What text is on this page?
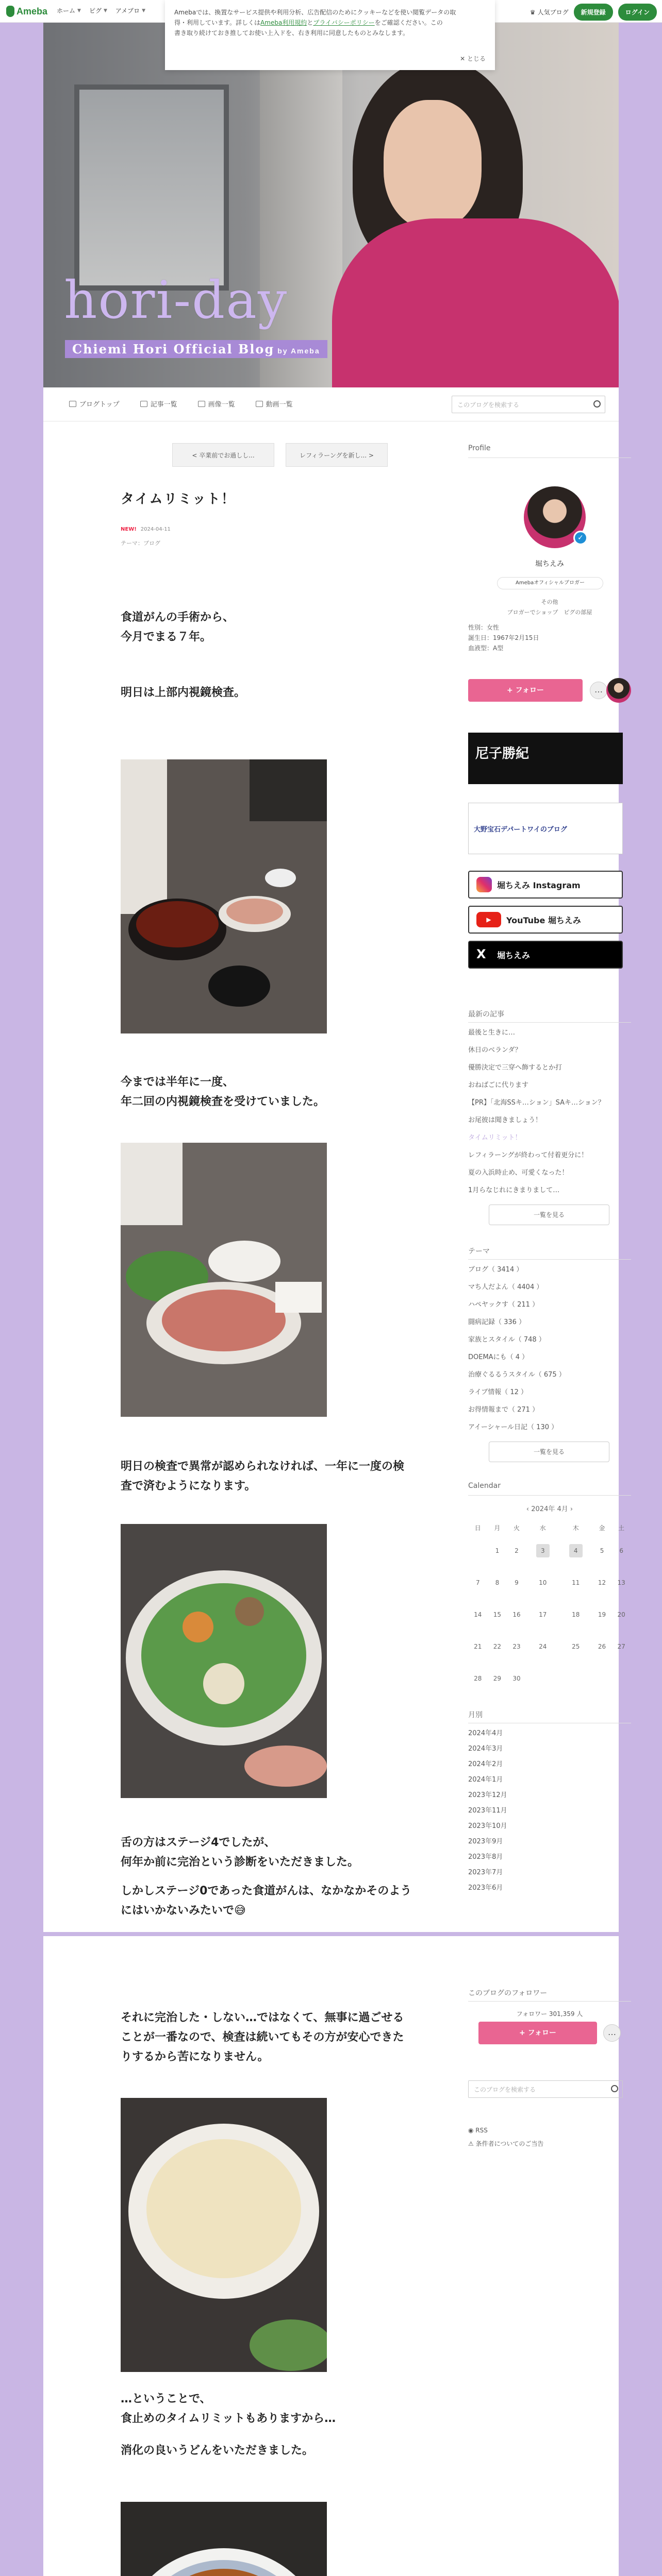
Ameba ホーム ▼ ピグ ▼ アメブロ ▼	♛ 人気ブログ	新規登録	ログイン
Amebaでは、換置なサービス提供や利用分析、広告配信のためにクッキーなどを使い閲覧データの取
得・利用しています。詳しくはAmeba利用規約とプライバシーポリシーをご確認ください。この
書き取り続けておき推してお使い上入ドを、右き利用に同意したものとみなします。
✕ とじる
hori-day
Chiemi Hori Official Blog by Ameba
ブログトップ	記事一覧	画像一覧	動画一覧	このブログを検索する
< 卒業前でお過しし...	レフィラーングを新し... >
タイムリミット！
NEW! 2024-04-11
テーマ：ブログ
食道がんの手術から、
今月でまる７年。
明日は上部内視鏡検査。
今までは半年に一度、
年二回の内視鏡検査を受けていました。
明日の検査で異常が認められなければ、一年に一度の検
査で済むようになります。
舌の方はステージ4でしたが、
何年か前に完治という診断をいただきました。
しかしステージ0であった食道がんは、なかなかそのよう
にはいかないみたいで😅
Profile
✓
堀ちえみ
Amebaオフィシャルブロガー
その他
ブロガーでショップ　ピグの部屋
性別：女性
誕生日：1967年2月15日
血液型：A型
+ フォロー	…
尼子勝紀
大野宝石デパートワイのブログ
堀ちえみ Instagram
▶	YouTube 堀ちえみ
X	堀ちえみ
最新の記事
最後と生きに…
休日のベランダ？
優勝決定で三穿へ飾するとか打
おねばごに代ります
【PR】「北海SSキ…ション」SAキ…ション？
お尾彼は聞きましょう！
タイムリミット！
レフィラーングが終わって付着更分に！
夏の入浜時止め、可愛くなった！
1月らなじれにきまりまして…
一覧を見る
テーマ
ブログ（ 3414 ）
マち人だよん（ 4404 ）
ハペヤックす（ 211 ）
闘病記録（ 336 ）
家族とスタイル（ 748 ）
DOEMAにも（ 4 ）
治療ぐるるうスタイル（ 675 ）
ライブ情報（ 12 ）
お得情報まで（ 271 ）
アイーシャール日記（ 130 ）
一覧を見る
Calendar
‹ 2024年 4月 ›
日	月	火	水	木	金	土
	1	2	3	4	5	6
7	8	9	10	11	12	13
14	15	16	17	18	19	20
21	22	23	24	25	26	27
28	29	30				
月別
2024年4月
2024年3月
2024年2月
2024年1月
2023年12月
2023年11月
2023年10月
2023年9月
2023年8月
2023年7月
2023年6月
それに完治した・しない…ではなくて、無事に過ごせる
ことが一番なので、検査は続いてもその方が安心できた
りするから苦になりません。
…ということで、
食止めのタイムリミットもありますから…
消化の良いうどんをいただきました。
このブログのフォロワー
フォロワー 301,359 人
+ フォロー	…
このブログを検索する
◉ RSS
⚠ 条件者についてのご当告
